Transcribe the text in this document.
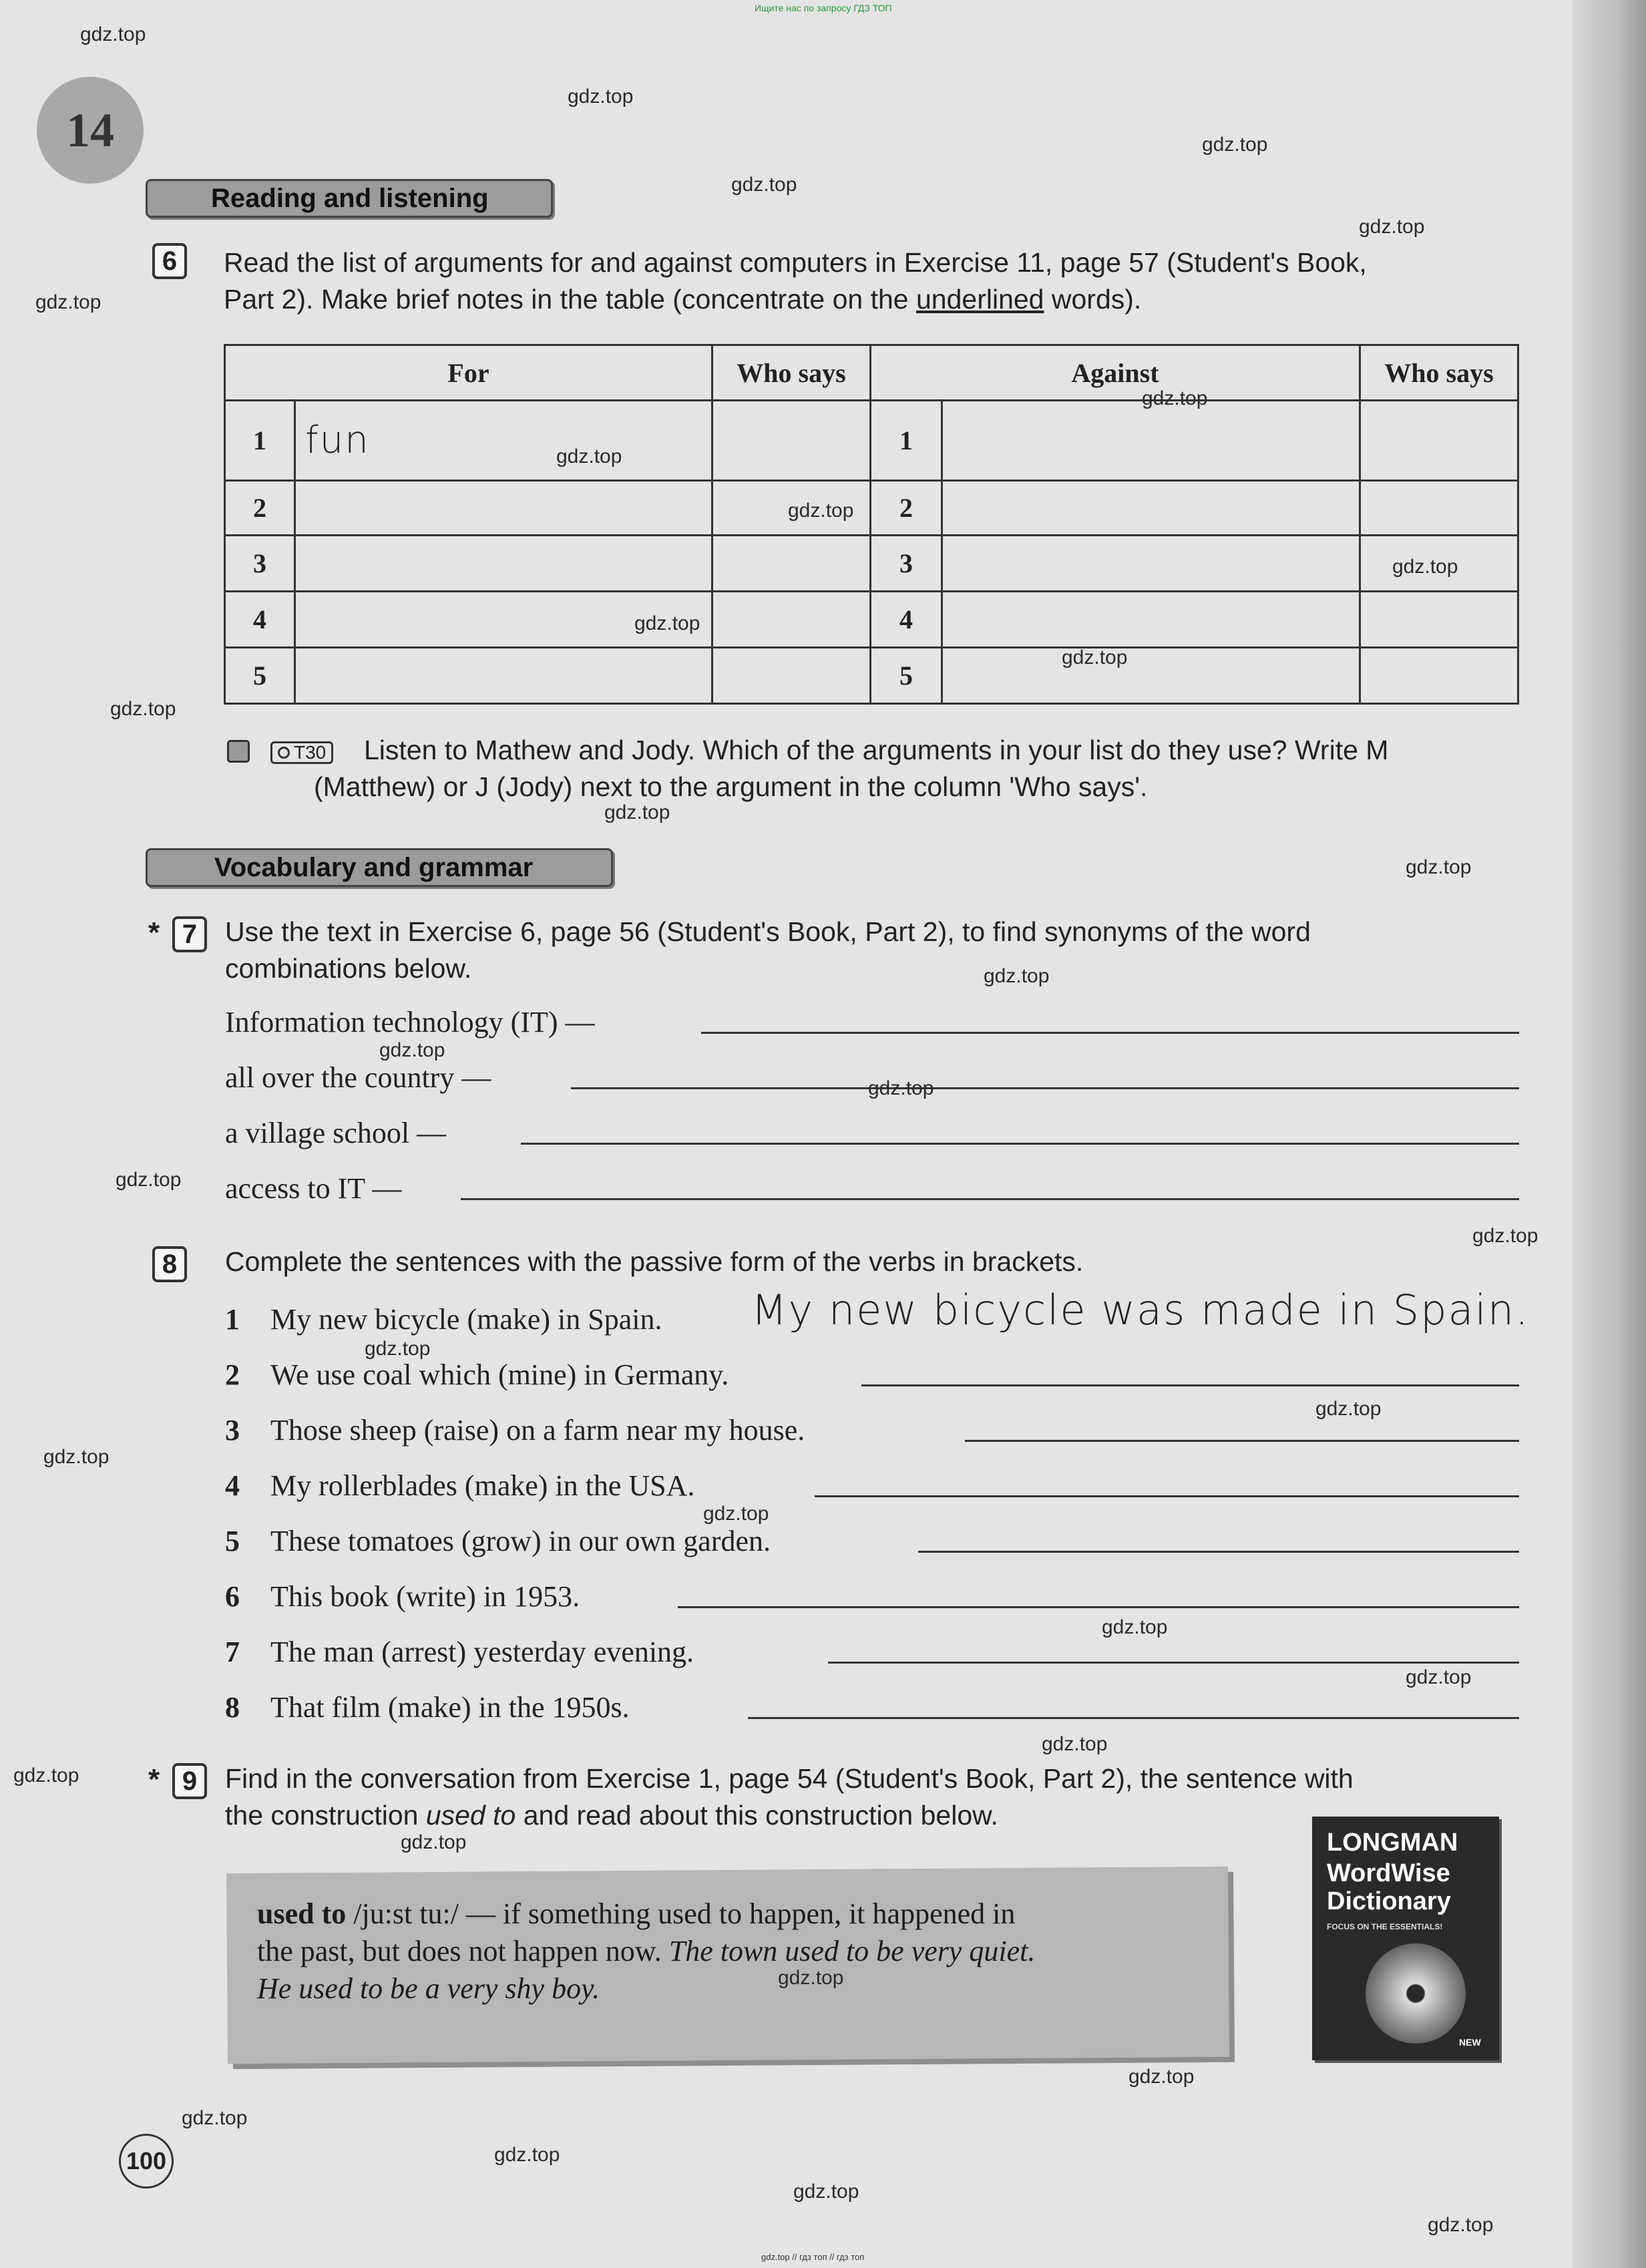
Ищите нас по запросу ГДЗ ТОП
gdz.top // гдз топ // гдз топ
14
Reading and listening
6	Read the list of arguments for and against computers in Exercise 11, page 57 (Student's Book,
Part 2). Make brief notes in the table (concentrate on the underlined words).
For		Who says	Against		Who says
1	fun		1		
2			2		
3			3		
4			4		
5			5		
T30 Listen to Mathew and Jody. Which of the arguments in your list do they use? Write M
(Matthew) or J (Jody) next to the argument in the column 'Who says'.
Vocabulary and grammar
* 7	Use the text in Exercise 6, page 56 (Student's Book, Part 2), to find synonyms of the word
combinations below.
Information technology (IT) —
all over the country —
a village school —
access to IT —
8	Complete the sentences with the passive form of the verbs in brackets.
1 My new bicycle (make) in Spain. My new bicycle was made in Spain.
2 We use coal which (mine) in Germany.
3 Those sheep (raise) on a farm near my house.
4 My rollerblades (make) in the USA.
5 These tomatoes (grow) in our own garden.
6 This book (write) in 1953.
7 The man (arrest) yesterday evening.
8 That film (make) in the 1950s.
* 9	Find in the conversation from Exercise 1, page 54 (Student's Book, Part 2), the sentence with
the construction used to and read about this construction below.
used to /ju:st tu:/ — if something used to happen, it happened in
the past, but does not happen now. The town used to be very quiet.
He used to be a very shy boy.
LONGMAN
WordWise
Dictionary
FOCUS ON THE ESSENTIALS!
NEW
100
gdz.top
gdz.top
gdz.top
gdz.top
gdz.top
gdz.top
gdz.top
gdz.top
gdz.top
gdz.top
gdz.top
gdz.top
gdz.top
gdz.top
gdz.top
gdz.top
gdz.top
gdz.top
gdz.top
gdz.top
gdz.top
gdz.top
gdz.top
gdz.top
gdz.top
gdz.top
gdz.top
gdz.top
gdz.top
gdz.top
gdz.top
gdz.top
gdz.top
gdz.top
gdz.top
